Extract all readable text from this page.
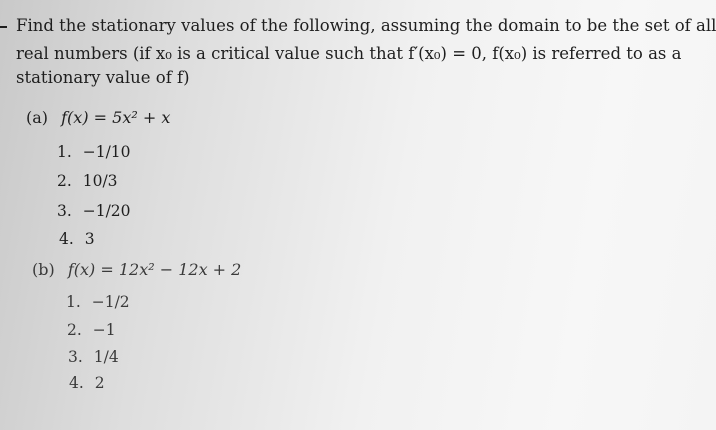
Find the stationary values of the following, assuming the domain to be the set of all
real numbers (if x₀ is a critical value such that f′(x₀) = 0, f(x₀) is referred to as a
stationary value of f)
(a) f(x) = 5x² + x
1. −1/10
2. 10/3
3. −1/20
4. 3
(b) f(x) = 12x² − 12x + 2
1. −1/2
2. −1
3. 1/4
4. 2
